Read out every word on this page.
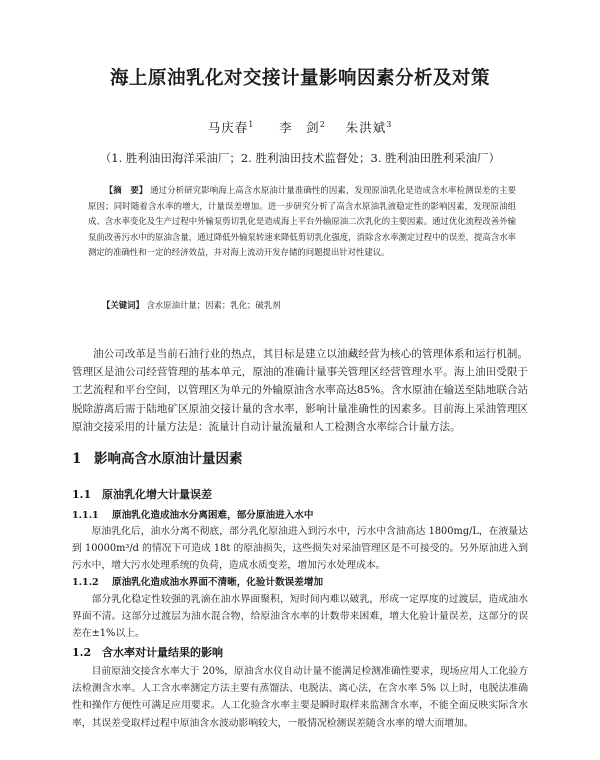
海上原油乳化对交接计量影响因素分析及对策
马庆春$^1$ 李　剑$^2$ 朱洪斌$^3$
（1. 胜利油田海洋采油厂；2. 胜利油田技术监督处；3. 胜利油田胜利采油厂）
【摘　要】 通过分析研究影响海上高含水原油计量准确性的因素，发现原油乳化是造成含水率检测误差的主要原因；同时随着含水率的增大，计量误差增加。进一步研究分析了高含水原油乳液稳定性的影响因素，发现原油组成、含水率变化及生产过程中外输泵剪切乳化是造成海上平台外输原油二次乳化的主要因素。通过优化流程改善外输泵前改善污水中的原油含量，通过降低外输泵转速来降低剪切乳化强度，消除含水率测定过程中的误差，提高含水率测定的准确性和一定的经济效益，并对海上流动开发存储的问题提出针对性建议。
【关键词】 含水原油计量；因素；乳化；破乳剂
油公司改革是当前石油行业的热点，其目标是建立以油藏经营为核心的管理体系和运行机制。管理区是油公司经营管理的基本单元，原油的准确计量事关管理区经营管理水平。海上油田受限于工艺流程和平台空间，以管理区为单元的外输原油含水率高达85%。含水原油在输送至陆地联合站脱除游离后需于陆地矿区原油交接计量的含水率，影响计量准确性的因素多。目前海上采油管理区原油交接采用的计量方法是：流量计自动计量流量和人工检测含水率综合计量方法。
1 影响高含水原油计量因素
1.1 原油乳化增大计量误差
1.1.1 原油乳化造成油水分离困难，部分原油进入水中
原油乳化后，油水分离不彻底，部分乳化原油进入到污水中，污水中含油高达 1800mg/L，在液量达到 10000m³/d 的情况下可造成 18t 的原油损失，这些损失对采油管理区是不可接受的。另外原油进入到污水中，增大污水处理系统的负荷，造成水质变差，增加污水处理成本。
1.1.2 原油乳化造成油水界面不清晰，化验计数误差增加
部分乳化稳定性较强的乳滴在油水界面聚积，短时间内难以破乳，形成一定厚度的过渡层，造成油水界面不清。这部分过渡层为油水混合物，给原油含水率的计数带来困难，增大化验计量误差，这部分的误差在±1%以上。
1.2 含水率对计量结果的影响
目前原油交接含水率大于 20%，原油含水仪自动计量不能满足检测准确性要求，现场应用人工化验方法检测含水率。人工含水率测定方法主要有蒸馏法、电脱法、离心法，在含水率 5% 以上时，电脱法准确性和操作方便性可满足应用要求。人工化验含水率主要是瞬时取样来监测含水率，不能全面反映实际含水率，其误差受取样过程中原油含水波动影响较大，一般情况检测误差随含水率的增大而增加。
